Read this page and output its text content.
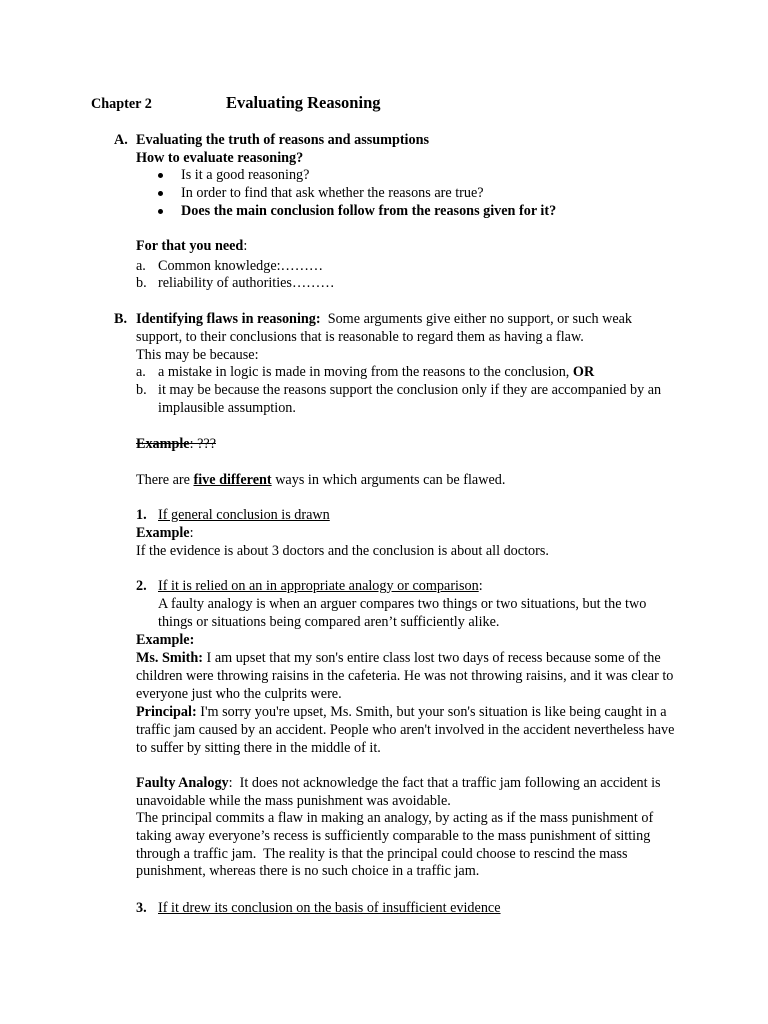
Chapter 2	Evaluating Reasoning
A. Evaluating the truth of reasons and assumptions
How to evaluate reasoning?
Is it a good reasoning?
In order to find that ask whether the reasons are true?
Does the main conclusion follow from the reasons given for it?
For that you need:
a. Common knowledge:………
b. reliability of authorities………
B. Identifying flaws in reasoning:  Some arguments give either no support, or such weak support, to their conclusions that is reasonable to regard them as having a flaw.
This may be because:
a. a mistake in logic is made in moving from the reasons to the conclusion, OR
b. it may be because the reasons support the conclusion only if they are accompanied by an implausible assumption.
Example: ???
There are five different ways in which arguments can be flawed.
1. If general conclusion is drawn
Example:
If the evidence is about 3 doctors and the conclusion is about all doctors.
2. If it is relied on an in appropriate analogy or comparison:
A faulty analogy is when an arguer compares two things or two situations, but the two things or situations being compared aren’t sufficiently alike.
Example:
Ms. Smith: I am upset that my son's entire class lost two days of recess because some of the children were throwing raisins in the cafeteria. He was not throwing raisins, and it was clear to everyone just who the culprits were.
Principal: I'm sorry you're upset, Ms. Smith, but your son's situation is like being caught in a traffic jam caused by an accident. People who aren't involved in the accident nevertheless have to suffer by sitting there in the middle of it.
Faulty Analogy:  It does not acknowledge the fact that a traffic jam following an accident is unavoidable while the mass punishment was avoidable.
The principal commits a flaw in making an analogy, by acting as if the mass punishment of taking away everyone’s recess is sufficiently comparable to the mass punishment of sitting through a traffic jam.  The reality is that the principal could choose to rescind the mass punishment, whereas there is no such choice in a traffic jam.
3. If it drew its conclusion on the basis of insufficient evidence
